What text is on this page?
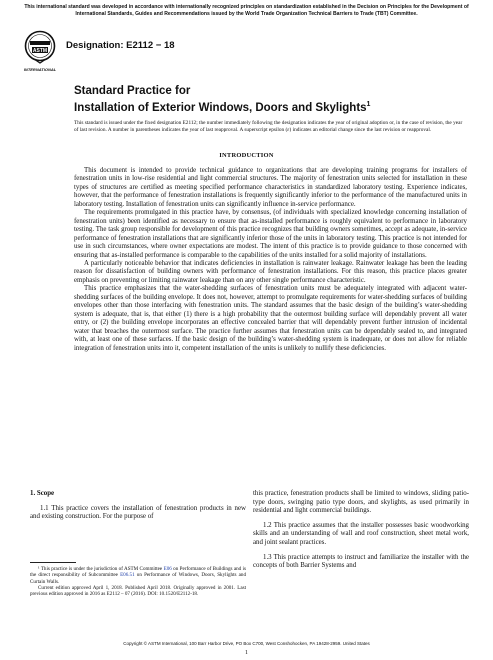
This international standard was developed in accordance with internationally recognized principles on standardization established in the Decision on Principles for the Development of International Standards, Guides and Recommendations issued by the World Trade Organization Technical Barriers to Trade (TBT) Committee.
ASTM
INTERNATIONAL
Designation: E2112 − 18
Standard Practice for
Installation of Exterior Windows, Doors and Skylights$^1$
This standard is issued under the fixed designation E2112; the number immediately following the designation indicates the year of original adoption or, in the case of revision, the year of last revision. A number in parentheses indicates the year of last reapproval. A superscript epsilon (ε) indicates an editorial change since the last revision or reapproval.
INTRODUCTION

This document is intended to provide technical guidance to organizations that are developing training programs for installers of fenestration units in low-rise residential and light commercial structures. The majority of fenestration units selected for installation in these types of structures are certified as meeting specified performance characteristics in standardized laboratory testing. Experience indicates, however, that the performance of fenestration installations is frequently significantly inferior to the performance of the manufactured units in laboratory testing. Installation of fenestration units can significantly influence in-service performance.

The requirements promulgated in this practice have, by consensus, (of individuals with specialized knowledge concerning installation of fenestration units) been identified as necessary to ensure that as-installed performance is roughly equivalent to performance in laboratory testing. The task group responsible for development of this practice recognizes that building owners sometimes, accept as adequate, in-service performance of fenestration installations that are significantly inferior those of the units in laboratory testing. This practice is not intended for use in such circumstances, where owner expectations are modest. The intent of this practice is to provide guidance to those concerned with ensuring that as-installed performance is comparable to the capabilities of the units installed for a solid majority of installations.

A particularly noticeable behavior that indicates deficiencies in installation is rainwater leakage. Rainwater leakage has been the leading reason for dissatisfaction of building owners with performance of fenestration installations. For this reason, this practice places greater emphasis on preventing or limiting rainwater leakage than on any other single performance characteristic.

This practice emphasizes that the water-shedding surfaces of fenestration units must be adequately integrated with adjacent water-shedding surfaces of the building envelope. It does not, however, attempt to promulgate requirements for water-shedding surfaces of building envelopes other than those interfacing with fenestration units. The standard assumes that the basic design of the building’s water-shedding system is adequate, that is, that either (1) there is a high probability that the outermost building surface will dependably prevent all water entry, or (2) the building envelope incorporates an effective concealed barrier that will dependably prevent further intrusion of incidental water that breaches the outermost surface. The practice further assumes that fenestration units can be dependably sealed to, and integrated with, at least one of these surfaces. If the basic design of the building’s water-shedding system is inadequate, or does not allow for reliable integration of fenestration units into it, competent installation of the units is unlikely to nullify these deficiencies.

1. Scope

1.1 This practice covers the installation of fenestration products in new and existing construction. For the purpose of

¹ This practice is under the jurisdiction of ASTM Committee E06 on Performance of Buildings and is the direct responsibility of Subcommittee E06.51 on Performance of Windows, Doors, Skylights and Curtain Walls.

Current edition approved April 1, 2018. Published April 2018. Originally approved in 2001. Last previous edition approved in 2016 as E2112 – 07 (2016). DOI: 10.1520/E2112-18.

this practice, fenestration products shall be limited to windows, sliding patio-type doors, swinging patio type doors, and skylights, as used primarily in residential and light commercial buildings.

1.2 This practice assumes that the installer possesses basic woodworking skills and an understanding of wall and roof construction, sheet metal work, and joint sealant practices.

1.3 This practice attempts to instruct and familiarize the installer with the concepts of both Barrier Systems and

Copyright © ASTM International, 100 Barr Harbor Drive, PO Box C700, West Conshohocken, PA 19428-2959. United States
1
